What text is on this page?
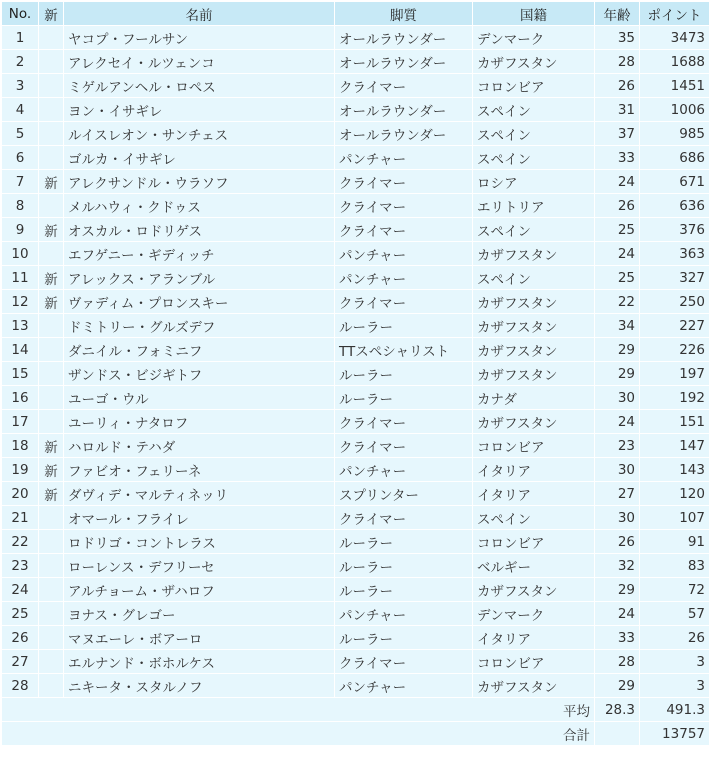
No.	新	名前	脚質	国籍	年齢	ポイント
1		ヤコプ・フールサン	オールラウンダー	デンマーク	35	3473
2		アレクセイ・ルツェンコ	オールラウンダー	カザフスタン	28	1688
3		ミゲルアンヘル・ロペス	クライマー	コロンビア	26	1451
4		ヨン・イサギレ	オールラウンダー	スペイン	31	1006
5		ルイスレオン・サンチェス	オールラウンダー	スペイン	37	985
6		ゴルカ・イサギレ	パンチャー	スペイン	33	686
7	新	アレクサンドル・ウラソフ	クライマー	ロシア	24	671
8		メルハウィ・クドゥス	クライマー	エリトリア	26	636
9	新	オスカル・ロドリゲス	クライマー	スペイン	25	376
10		エフゲニー・ギディッチ	パンチャー	カザフスタン	24	363
11	新	アレックス・アランブル	パンチャー	スペイン	25	327
12	新	ヴァディム・プロンスキー	クライマー	カザフスタン	22	250
13		ドミトリー・グルズデフ	ルーラー	カザフスタン	34	227
14		ダニイル・フォミニフ	TTスペシャリスト	カザフスタン	29	226
15		ザンドス・ビジギトフ	ルーラー	カザフスタン	29	197
16		ユーゴ・ウル	ルーラー	カナダ	30	192
17		ユーリィ・ナタロフ	クライマー	カザフスタン	24	151
18	新	ハロルド・テハダ	クライマー	コロンビア	23	147
19	新	ファビオ・フェリーネ	パンチャー	イタリア	30	143
20	新	ダヴィデ・マルティネッリ	スプリンター	イタリア	27	120
21		オマール・フライレ	クライマー	スペイン	30	107
22		ロドリゴ・コントレラス	ルーラー	コロンビア	26	91
23		ローレンス・デフリーセ	ルーラー	ベルギー	32	83
24		アルチョーム・ザハロフ	ルーラー	カザフスタン	29	72
25		ヨナス・グレゴー	パンチャー	デンマーク	24	57
26		マヌエーレ・ボアーロ	ルーラー	イタリア	33	26
27		エルナンド・ボホルケス	クライマー	コロンビア	28	3
28		ニキータ・スタルノフ	パンチャー	カザフスタン	29	3
平均					28.3	491.3
合計						13757
